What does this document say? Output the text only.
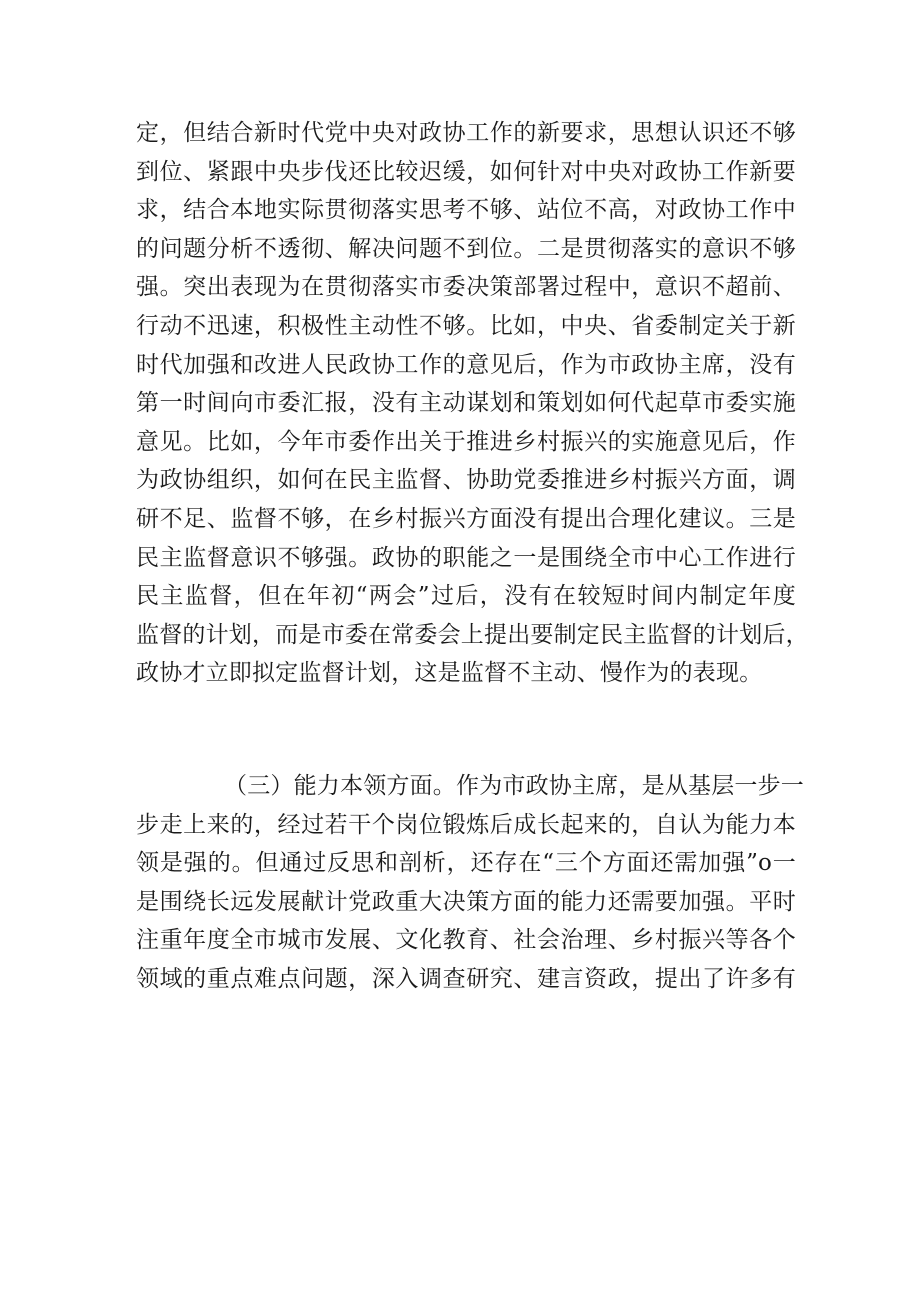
定，但结合新时代党中央对政协工作的新要求，思想认识还不够
到位、紧跟中央步伐还比较迟缓，如何针对中央对政协工作新要
求，结合本地实际贯彻落实思考不够、站位不高，对政协工作中
的问题分析不透彻、解决问题不到位。二是贯彻落实的意识不够
强。突出表现为在贯彻落实市委决策部署过程中，意识不超前、
行动不迅速，积极性主动性不够。比如，中央、省委制定关于新
时代加强和改进人民政协工作的意见后，作为市政协主席，没有
第一时间向市委汇报，没有主动谋划和策划如何代起草市委实施
意见。比如，今年市委作出关于推进乡村振兴的实施意见后，作
为政协组织，如何在民主监督、协助党委推进乡村振兴方面，调
研不足、监督不够，在乡村振兴方面没有提出合理化建议。三是
民主监督意识不够强。政协的职能之一是围绕全市中心工作进行
民主监督，但在年初“两会”过后，没有在较短时间内制定年度
监督的计划，而是市委在常委会上提出要制定民主监督的计划后，
政协才立即拟定监督计划，这是监督不主动、慢作为的表现。
（三）能力本领方面。作为市政协主席，是从基层一步一
步走上来的，经过若干个岗位锻炼后成长起来的，自认为能力本
领是强的。但通过反思和剖析，还存在“三个方面还需加强”o一
是围绕长远发展献计党政重大决策方面的能力还需要加强。平时
注重年度全市城市发展、文化教育、社会治理、乡村振兴等各个
领域的重点难点问题，深入调查研究、建言资政，提出了许多有
